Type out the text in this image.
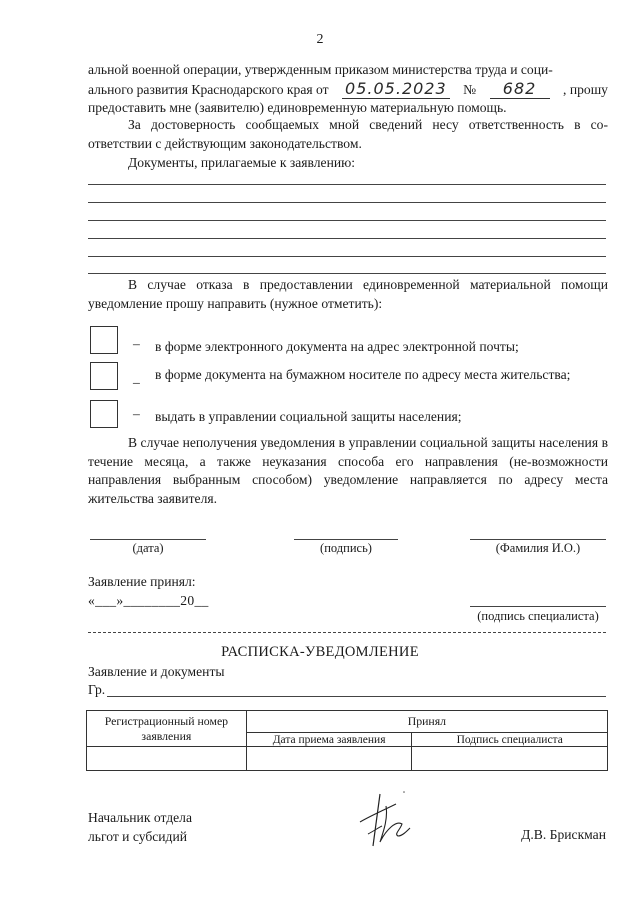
2
альной военной операции, утвержденным приказом министерства труда и соци-
ального развития Краснодарского края от 05.05.2023 №	682	, прошу
предоставить мне (заявителю) единовременную материальную помощь.
За достоверность сообщаемых мной сведений несу ответственность в со-ответствии с действующим законодательством.
Документы, прилагаемые к заявлению:
В случае отказа в предоставлении единовременной материальной помощи уведомление прошу направить (нужное отметить):
– в форме электронного документа на адрес электронной почты;
_ в форме документа на бумажном носителе по адресу места жительства;
– выдать в управлении социальной защиты населения;
В случае неполучения уведомления в управлении социальной защиты населения в течение месяца, а также неуказания способа его направления (не-возможности направления выбранным способом) уведомление направляется по адресу места жительства заявителя.
(дата)	(подпись)	(Фамилия И.О.)
Заявление принял:
«___»________20__
(подпись специалиста)
РАСПИСКА-УВЕДОМЛЕНИЕ
Заявление и документы
Гр.
Регистрационный номер заявления	Принял	
	Дата приема заявления	Подпись специалиста

Начальник отдела
льгот и субсидий	Д.В. Брискман
